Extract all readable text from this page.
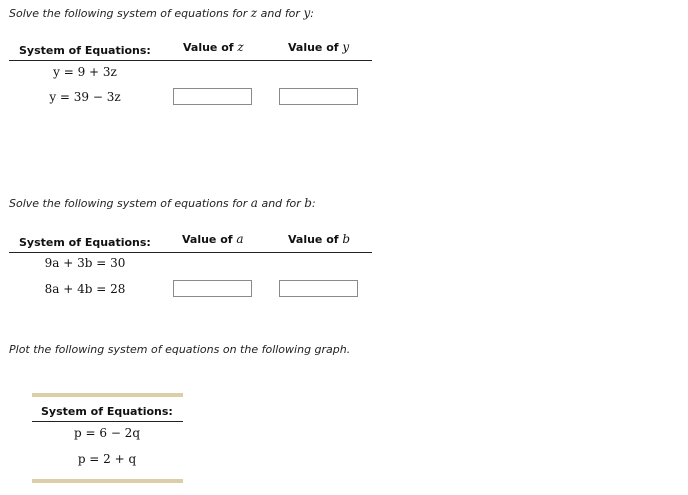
Solve the following system of equations for z and for y:
System of Equations:	Value of z	Value of y
y = 9 + 3z
y = 39 − 3z
Solve the following system of equations for a and for b:
System of Equations:	Value of a	Value of b
9a + 3b = 30
8a + 4b = 28
Plot the following system of equations on the following graph.
System of Equations:
p = 6 − 2q
p = 2 + q
